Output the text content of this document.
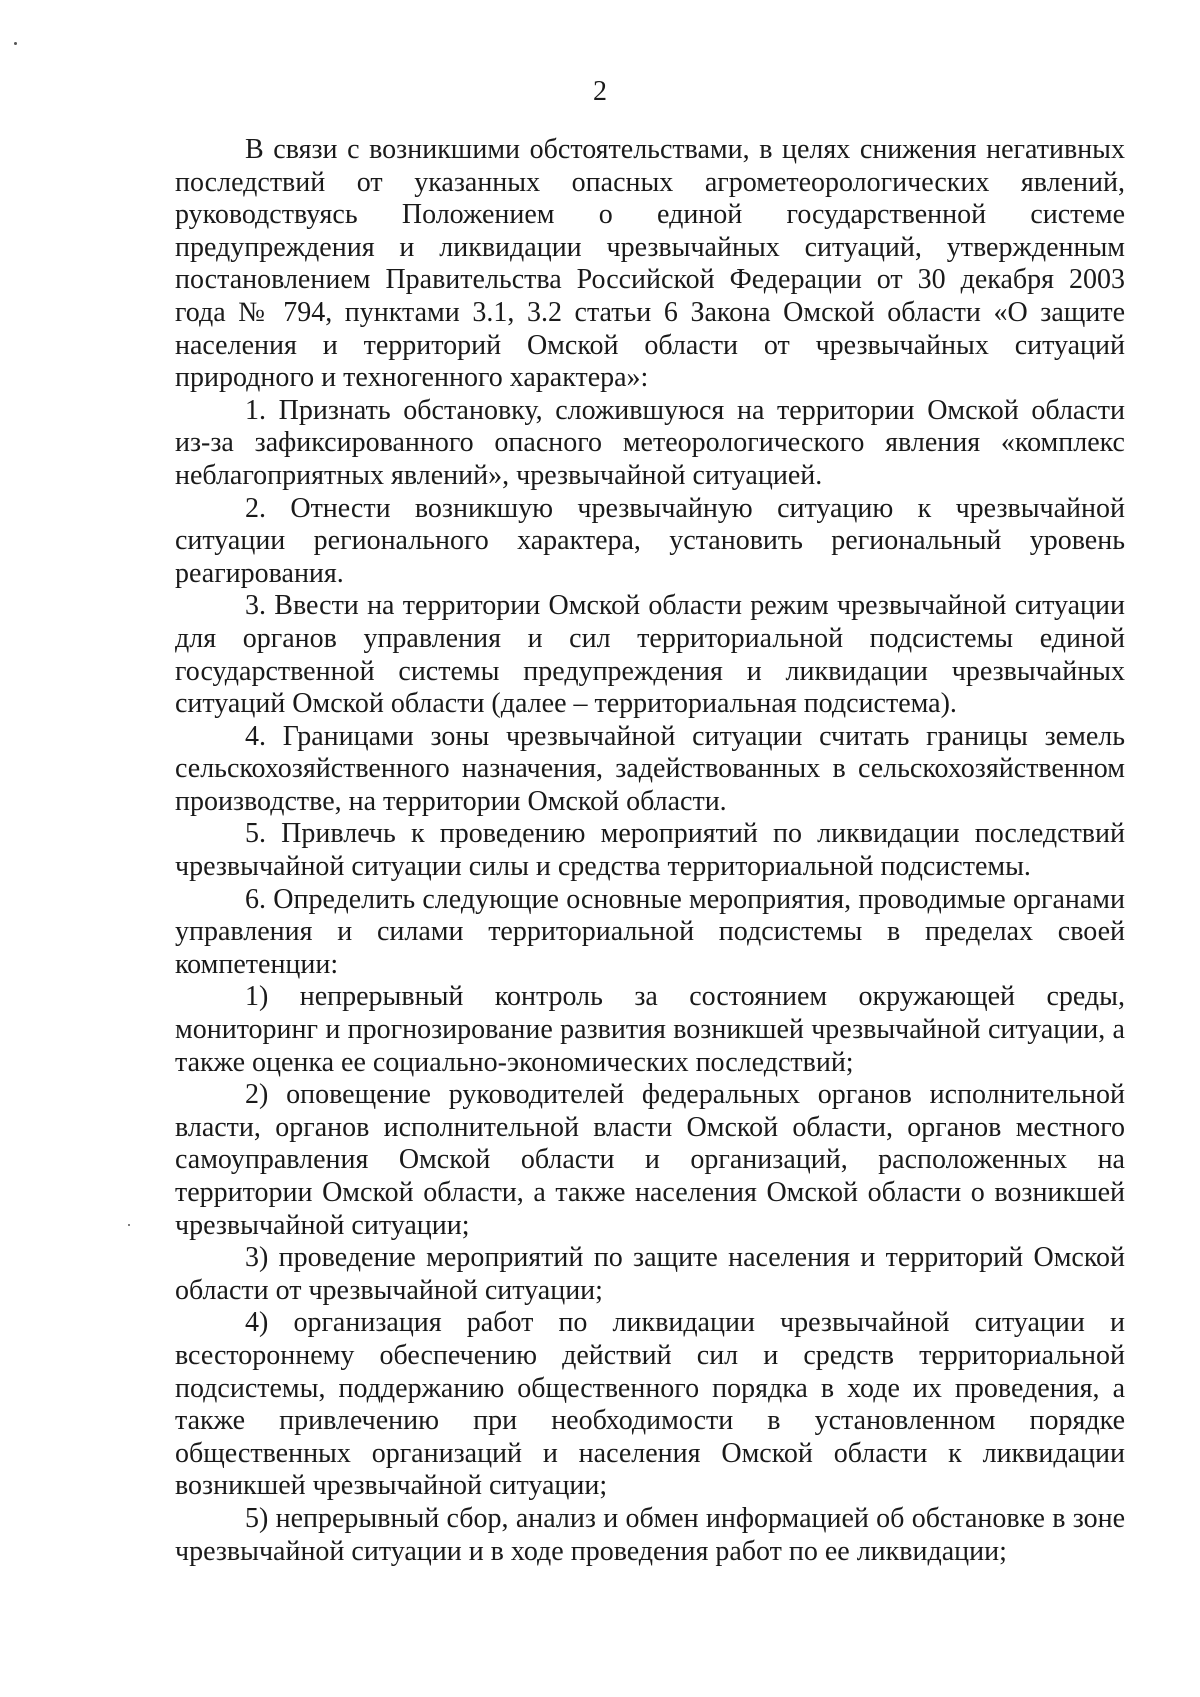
2

В связи с возникшими обстоятельствами, в целях снижения негативных последствий от указанных опасных агрометеорологических явлений, руководствуясь Положением о единой государственной системе предупреждения и ликвидации чрезвычайных ситуаций, утвержденным постановлением Правительства Российской Федерации от 30 декабря 2003 года № 794, пунктами 3.1, 3.2 статьи 6 Закона Омской области «О защите населения и территорий Омской области от чрезвычайных ситуаций природного и техногенного характера»:

1. Признать обстановку, сложившуюся на территории Омской области из-за зафиксированного опасного метеорологического явления «комплекс неблагоприятных явлений», чрезвычайной ситуацией.

2. Отнести возникшую чрезвычайную ситуацию к чрезвычайной ситуации регионального характера, установить региональный уровень реагирования.

3. Ввести на территории Омской области режим чрезвычайной ситуации для органов управления и сил территориальной подсистемы единой государственной системы предупреждения и ликвидации чрезвычайных ситуаций Омской области (далее – территориальная подсистема).

4. Границами зоны чрезвычайной ситуации считать границы земель сельскохозяйственного назначения, задействованных в сельскохозяйственном производстве, на территории Омской области.

5. Привлечь к проведению мероприятий по ликвидации последствий чрезвычайной ситуации силы и средства территориальной подсистемы.

6. Определить следующие основные мероприятия, проводимые органами управления и силами территориальной подсистемы в пределах своей компетенции:

1) непрерывный контроль за состоянием окружающей среды, мониторинг и прогнозирование развития возникшей чрезвычайной ситуации, а также оценка ее социально-экономических последствий;

2) оповещение руководителей федеральных органов исполнительной власти, органов исполнительной власти Омской области, органов местного самоуправления Омской области и организаций, расположенных на территории Омской области, а также населения Омской области о возникшей чрезвычайной ситуации;

3) проведение мероприятий по защите населения и территорий Омской области от чрезвычайной ситуации;

4) организация работ по ликвидации чрезвычайной ситуации и всестороннему обеспечению действий сил и средств территориальной подсистемы, поддержанию общественного порядка в ходе их проведения, а также привлечению при необходимости в установленном порядке общественных организаций и населения Омской области к ликвидации возникшей чрезвычайной ситуации;

5) непрерывный сбор, анализ и обмен информацией об обстановке в зоне чрезвычайной ситуации и в ходе проведения работ по ее ликвидации;
